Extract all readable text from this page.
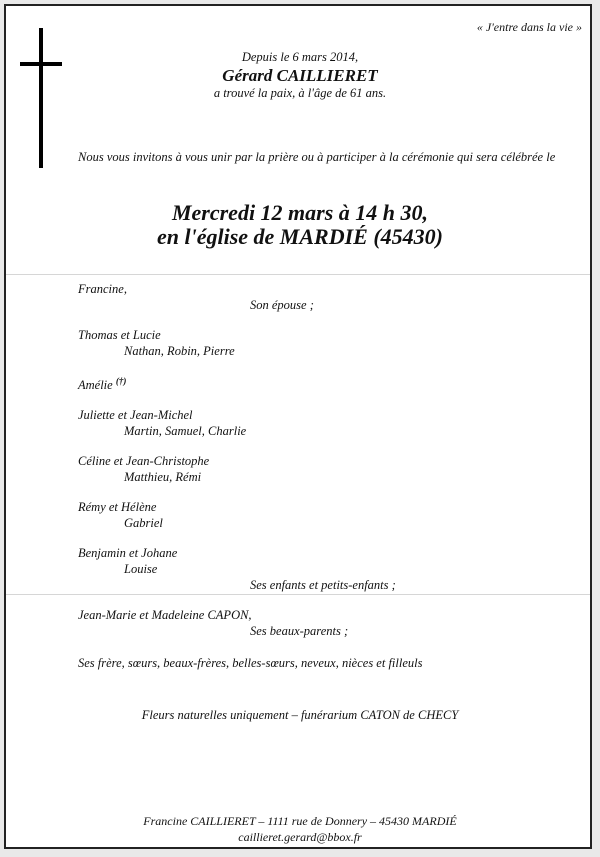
« J'entre dans la vie »
Depuis le 6 mars 2014,
Gérard CAILLIERET
a trouvé la paix, à l'âge de 61 ans.
Nous vous invitons à vous unir par la prière ou à participer à la cérémonie qui sera célébrée le
Mercredi 12 mars à 14 h 30,
en l'église de MARDIÉ (45430)
Francine,
Son épouse ;
Thomas et Lucie
Nathan, Robin, Pierre
Amélie (†)
Juliette et Jean-Michel
Martin, Samuel, Charlie
Céline et Jean-Christophe
Matthieu, Rémi
Rémy et Hélène
Gabriel
Benjamin et Johane
Louise
Ses enfants et petits-enfants ;
Jean-Marie et Madeleine CAPON,
Ses beaux-parents ;
Ses frère, sœurs, beaux-frères, belles-sœurs, neveux, nièces et filleuls
Fleurs naturelles uniquement – funérarium CATON de CHECY
Francine CAILLIERET – 1111 rue de Donnery – 45430 MARDIÉ
caillieret.gerard@bbox.fr
